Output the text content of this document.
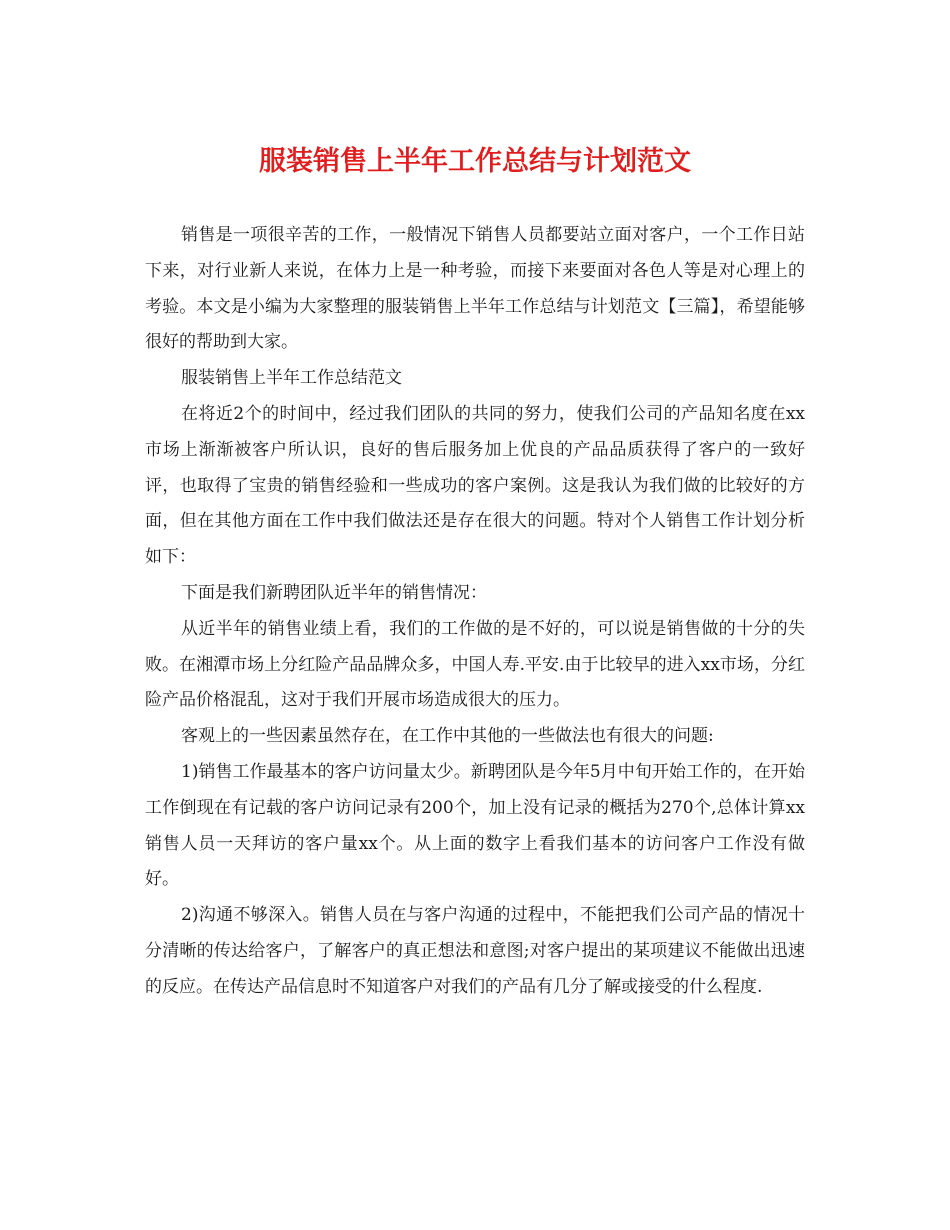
服装销售上半年工作总结与计划范文

销售是一项很辛苦的工作，一般情况下销售人员都要站立面对客户，一个工作日站下来，对行业新人来说，在体力上是一种考验，而接下来要面对各色人等是对心理上的考验。本文是小编为大家整理的服装销售上半年工作总结与计划范文【三篇】，希望能够很好的帮助到大家。

服装销售上半年工作总结范文

在将近2个的时间中，经过我们团队的共同的努力，使我们公司的产品知名度在xx市场上渐渐被客户所认识，良好的售后服务加上优良的产品品质获得了客户的一致好评，也取得了宝贵的销售经验和一些成功的客户案例。这是我认为我们做的比较好的方面，但在其他方面在工作中我们做法还是存在很大的问题。特对个人销售工作计划分析如下：

下面是我们新聘团队近半年的销售情况：

从近半年的销售业绩上看，我们的工作做的是不好的，可以说是销售做的十分的失败。在湘潭市场上分红险产品品牌众多，中国人寿.平安.由于比较早的进入xx市场，分红险产品价格混乱，这对于我们开展市场造成很大的压力。

客观上的一些因素虽然存在，在工作中其他的一些做法也有很大的问题:

1)销售工作最基本的客户访问量太少。新聘团队是今年5月中旬开始工作的，在开始工作倒现在有记载的客户访问记录有200个，加上没有记录的概括为270个,总体计算xx销售人员一天拜访的客户量xx个。从上面的数字上看我们基本的访问客户工作没有做好。

2)沟通不够深入。销售人员在与客户沟通的过程中，不能把我们公司产品的情况十分清晰的传达给客户，了解客户的真正想法和意图;对客户提出的某项建议不能做出迅速的反应。在传达产品信息时不知道客户对我们的产品有几分了解或接受的什么程度.
